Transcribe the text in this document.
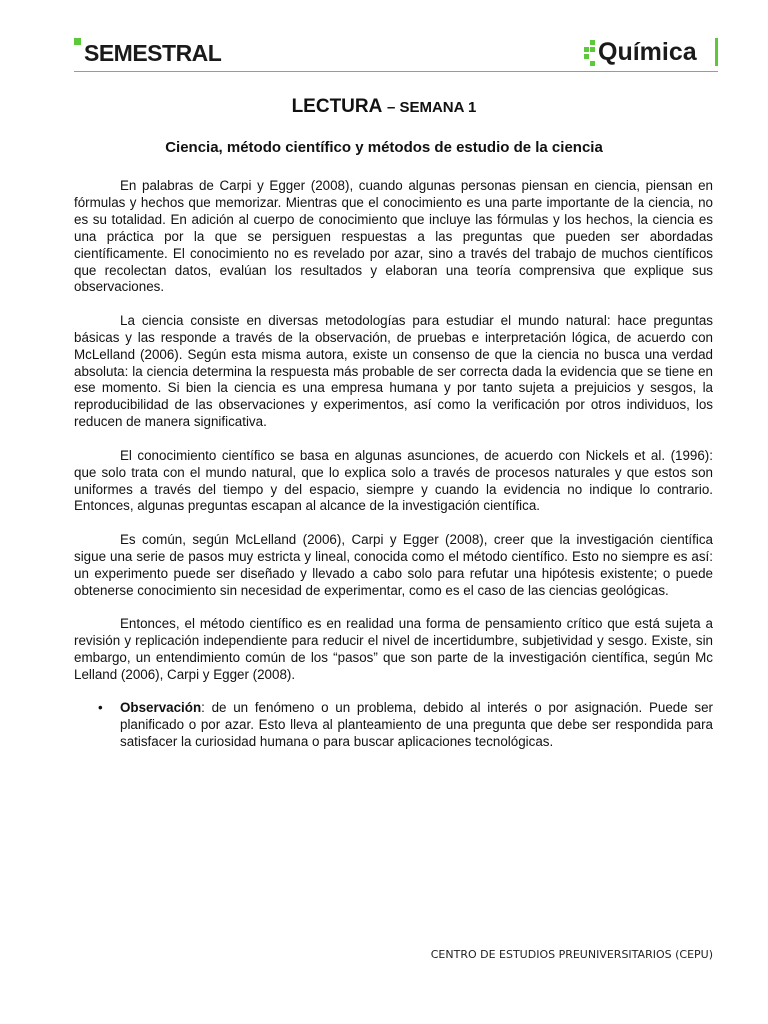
SEMESTRAL	Química
LECTURA – SEMANA 1
Ciencia, método científico y métodos de estudio de la ciencia

En palabras de Carpi y Egger (2008), cuando algunas personas piensan en ciencia, piensan en fórmulas y hechos que memorizar. Mientras que el conocimiento es una parte importante de la ciencia, no es su totalidad. En adición al cuerpo de conocimiento que incluye las fórmulas y los hechos, la ciencia es una práctica por la que se persiguen respuestas a las preguntas que pueden ser abordadas científicamente. El conocimiento no es revelado por azar, sino a través del trabajo de muchos científicos que recolectan datos, evalúan los resultados y elaboran una teoría comprensiva que explique sus observaciones.

La ciencia consiste en diversas metodologías para estudiar el mundo natural: hace preguntas básicas y las responde a través de la observación, de pruebas e interpretación lógica, de acuerdo con McLelland (2006). Según esta misma autora, existe un consenso de que la ciencia no busca una verdad absoluta: la ciencia determina la respuesta más probable de ser correcta dada la evidencia que se tiene en ese momento. Si bien la ciencia es una empresa humana y por tanto sujeta a prejuicios y sesgos, la reproducibilidad de las observaciones y experimentos, así como la verificación por otros individuos, los reducen de manera significativa.

El conocimiento científico se basa en algunas asunciones, de acuerdo con Nickels et al. (1996): que solo trata con el mundo natural, que lo explica solo a través de procesos naturales y que estos son uniformes a través del tiempo y del espacio, siempre y cuando la evidencia no indique lo contrario. Entonces, algunas preguntas escapan al alcance de la investigación científica.

Es común, según McLelland (2006), Carpi y Egger (2008), creer que la investigación científica sigue una serie de pasos muy estricta y lineal, conocida como el método científico. Esto no siempre es así: un experimento puede ser diseñado y llevado a cabo solo para refutar una hipótesis existente; o puede obtenerse conocimiento sin necesidad de experimentar, como es el caso de las ciencias geológicas.

Entonces, el método científico es en realidad una forma de pensamiento crítico que está sujeta a revisión y replicación independiente para reducir el nivel de incertidumbre, subjetividad y sesgo. Existe, sin embargo, un entendimiento común de los “pasos” que son parte de la investigación científica, según Mc Lelland (2006), Carpi y Egger (2008).

• Observación: de un fenómeno o un problema, debido al interés o por asignación. Puede ser planificado o por azar. Esto lleva al planteamiento de una pregunta que debe ser respondida para satisfacer la curiosidad humana o para buscar aplicaciones tecnológicas.
CENTRO DE ESTUDIOS PREUNIVERSITARIOS (CEPU)
